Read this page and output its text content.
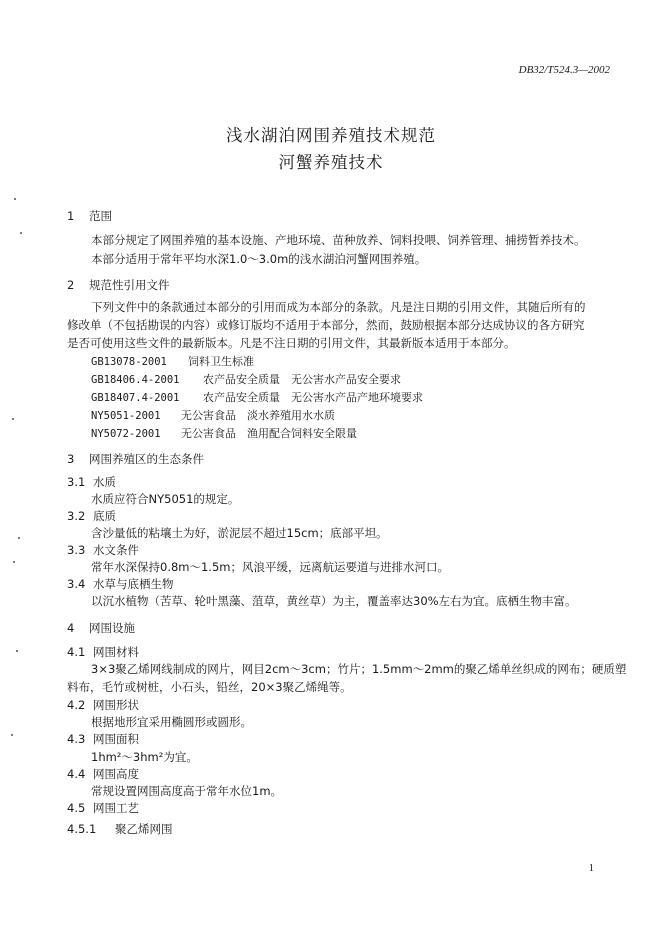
DB32/T524.3—2002
浅水湖泊网围养殖技术规范
河蟹养殖技术
1 范围
本部分规定了网围养殖的基本设施、产地环境、苗种放养、饲料投喂、饲养管理、捕捞暂养技术。
本部分适用于常年平均水深1.0～3.0m的浅水湖泊河蟹网围养殖。
2 规范性引用文件
下列文件中的条款通过本部分的引用而成为本部分的条款。凡是注日期的引用文件，其随后所有的
修改单（不包括勘误的内容）或修订版均不适用于本部分，然而，鼓励根据本部分达成协议的各方研究
是否可使用这些文件的最新版本。凡是不注日期的引用文件，其最新版本适用于本部分。
GB13078-2001 饲料卫生标准
GB18406.4-2001 农产品安全质量　无公害水产品安全要求
GB18407.4-2001 农产品安全质量　无公害水产品产地环境要求
NY5051-2001 无公害食品　淡水养殖用水水质
NY5072-2001 无公害食品　渔用配合饲料安全限量
3 网围养殖区的生态条件
3.1 水质
水质应符合NY5051的规定。
3.2 底质
含沙量低的粘壤土为好，淤泥层不超过15cm；底部平坦。
3.3 水文条件
常年水深保持0.8m～1.5m；风浪平缓，远离航运要道与进排水河口。
3.4 水草与底栖生物
以沉水植物（苦草、轮叶黑藻、菹草，黄丝草）为主，覆盖率达30%左右为宜。底栖生物丰富。
4 网围设施
4.1 网围材料
3×3聚乙烯网线制成的网片，网目2cm～3cm；竹片；1.5mm～2mm的聚乙烯单丝织成的网布；硬质塑
料布，毛竹或树桩，小石头，铅丝，20×3聚乙烯绳等。
4.2 网围形状
根据地形宜采用椭圆形或圆形。
4.3 网围面积
1hm²～3hm²为宜。
4.4 网围高度
常规设置网围高度高于常年水位1m。
4.5 网围工艺
4.5.1 聚乙烯网围
1
